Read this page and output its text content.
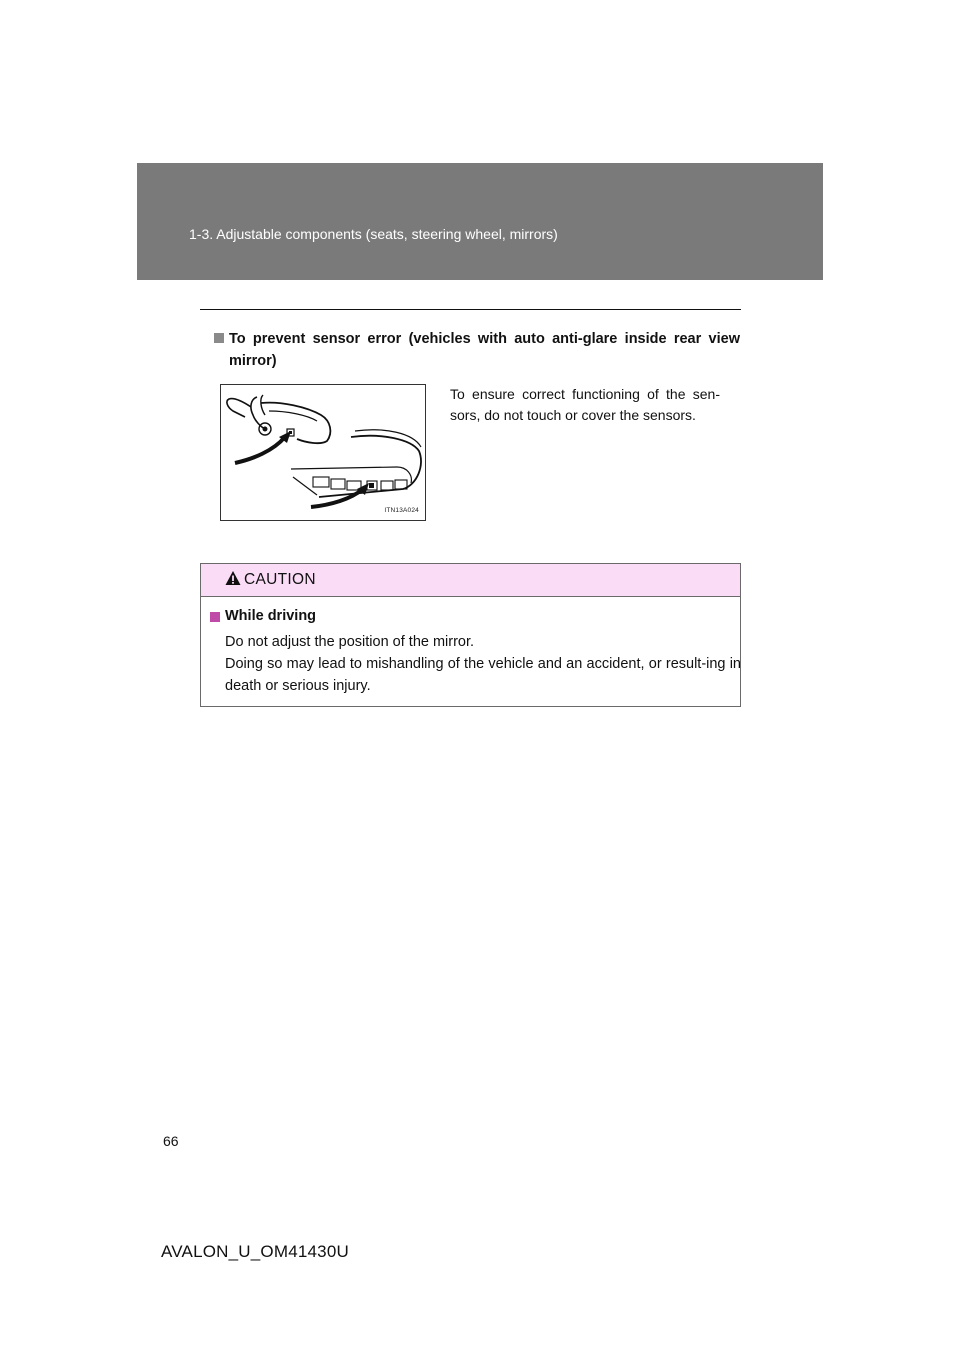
1-3. Adjustable components (seats, steering wheel, mirrors)
To prevent sensor error (vehicles with auto anti-glare inside rear view mirror)
ITN13A024
To ensure correct functioning of the sen-sors, do not touch or cover the sensors.
CAUTION
While driving

Do not adjust the position of the mirror.

Doing so may lead to mishandling of the vehicle and an accident, or result-ing in death or serious injury.

66
AVALON_U_OM41430U
